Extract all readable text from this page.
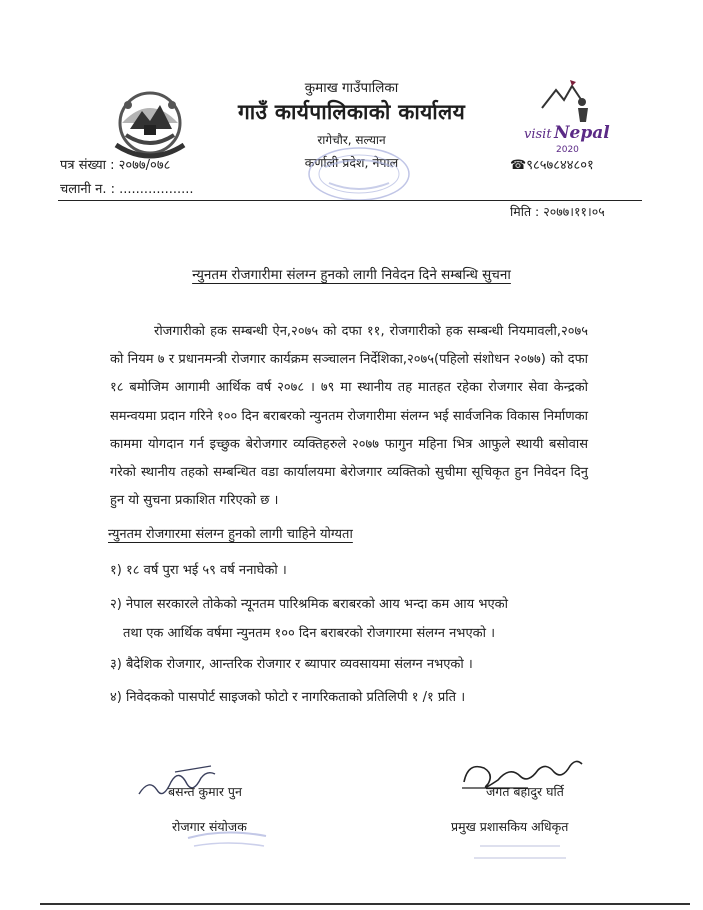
कुमाख गाउँपालिका
गाउँ कार्यपालिकाको कार्यालय
रागेचौर, सल्यान
कर्णाली प्रदेश, नेपाल
visit Nepal
2020
पत्र संख्या : २०७७/०७८
चलानी न. : ..................
☎९८५७८४४८०१
मिति : २०७७।११।०५
न्युनतम रोजगारीमा संलग्न हुनको लागी निवेदन दिने सम्बन्धि सुचना
रोजगारीको हक सम्बन्धी ऐन,२०७५ को दफा ११, रोजगारीको हक सम्बन्धी नियमावली,२०७५ को नियम ७ र प्रधानमन्त्री रोजगार कार्यक्रम सञ्चालन निर्देशिका,२०७५(पहिलो संशोधन २०७७) को दफा १८ बमोजिम आगामी आर्थिक वर्ष २०७८ । ७९ मा स्थानीय तह मातहत रहेका रोजगार सेवा केन्द्रको समन्वयमा प्रदान गरिने १०० दिन बराबरको न्युनतम रोजगारीमा संलग्न भई सार्वजनिक विकास निर्माणका काममा योगदान गर्न इच्छुक बेरोजगार व्यक्तिहरुले २०७७ फागुन महिना भित्र आफुले स्थायी बसोवास गरेको स्थानीय तहको सम्बन्धित वडा कार्यालयमा बेरोजगार व्यक्तिको सुचीमा सूचिकृत हुन निवेदन दिनु हुन यो सुचना प्रकाशित गरिएको छ ।
न्युनतम रोजगारमा संलग्न हुनको लागी चाहिने योग्यता
१) १८ वर्ष पुरा भई ५९ वर्ष ननाघेको ।
२) नेपाल सरकारले तोकेको न्यूनतम पारिश्रमिक बराबरको आय भन्दा कम आय भएको
तथा एक आर्थिक वर्षमा न्युनतम १०० दिन बराबरको रोजगारमा संलग्न नभएको ।
३) बैदेशिक रोजगार, आन्तरिक रोजगार र ब्यापार व्यवसायमा संलग्न नभएको ।
४) निवेदकको पासपोर्ट साइजको फोटो र नागरिकताको प्रतिलिपी १ /१ प्रति ।
बसन्त कुमार पुन	जगत बहादुर घर्ति
रोजगार संयोजक	प्रमुख प्रशासकिय अधिकृत
